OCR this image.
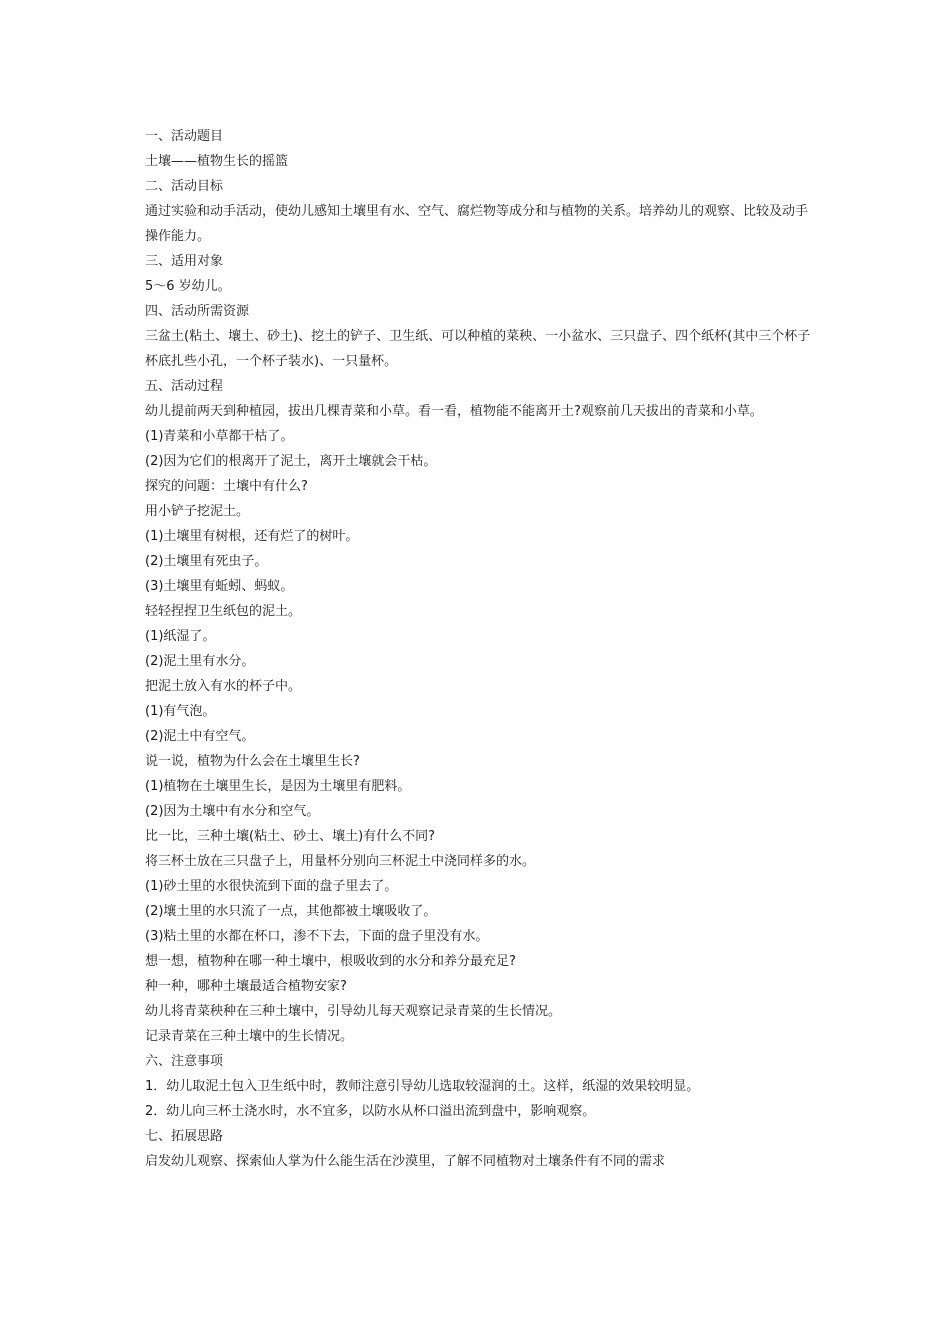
一、活动题目
土壤——植物生长的摇篮
二、活动目标
通过实验和动手活动，使幼儿感知土壤里有水、空气、腐烂物等成分和与植物的关系。培养幼儿的观察、比较及动手操作能力。
三、适用对象
5～6 岁幼儿。
四、活动所需资源
三盆土(粘土、壤土、砂土)、挖土的铲子、卫生纸、可以种植的菜秧、一小盆水、三只盘子、四个纸杯(其中三个杯子杯底扎些小孔，一个杯子装水)、一只量杯。
五、活动过程
幼儿提前两天到种植园，拔出几棵青菜和小草。看一看，植物能不能离开土?观察前几天拔出的青菜和小草。
(1)青菜和小草都干枯了。
(2)因为它们的根离开了泥土，离开土壤就会干枯。
探究的问题：土壤中有什么?
用小铲子挖泥土。
(1)土壤里有树根，还有烂了的树叶。
(2)土壤里有死虫子。
(3)土壤里有蚯蚓、蚂蚁。
轻轻捏捏卫生纸包的泥土。
(1)纸湿了。
(2)泥土里有水分。
把泥土放入有水的杯子中。
(1)有气泡。
(2)泥土中有空气。
说一说，植物为什么会在土壤里生长?
(1)植物在土壤里生长，是因为土壤里有肥料。
(2)因为土壤中有水分和空气。
比一比，三种土壤(粘土、砂土、壤土)有什么不同?
将三杯土放在三只盘子上，用量杯分别向三杯泥土中浇同样多的水。
(1)砂土里的水很快流到下面的盘子里去了。
(2)壤土里的水只流了一点，其他都被土壤吸收了。
(3)粘土里的水都在杯口，渗不下去，下面的盘子里没有水。
想一想，植物种在哪一种土壤中，根吸收到的水分和养分最充足?
种一种，哪种土壤最适合植物安家?
幼儿将青菜秧种在三种土壤中，引导幼儿每天观察记录青菜的生长情况。
记录青菜在三种土壤中的生长情况。
六、注意事项
1．幼儿取泥土包入卫生纸中时，教师注意引导幼儿选取较湿润的土。这样，纸湿的效果较明显。
2．幼儿向三杯土浇水时，水不宜多，以防水从杯口溢出流到盘中，影响观察。
七、拓展思路
启发幼儿观察、探索仙人掌为什么能生活在沙漠里，了解不同植物对土壤条件有不同的需求
